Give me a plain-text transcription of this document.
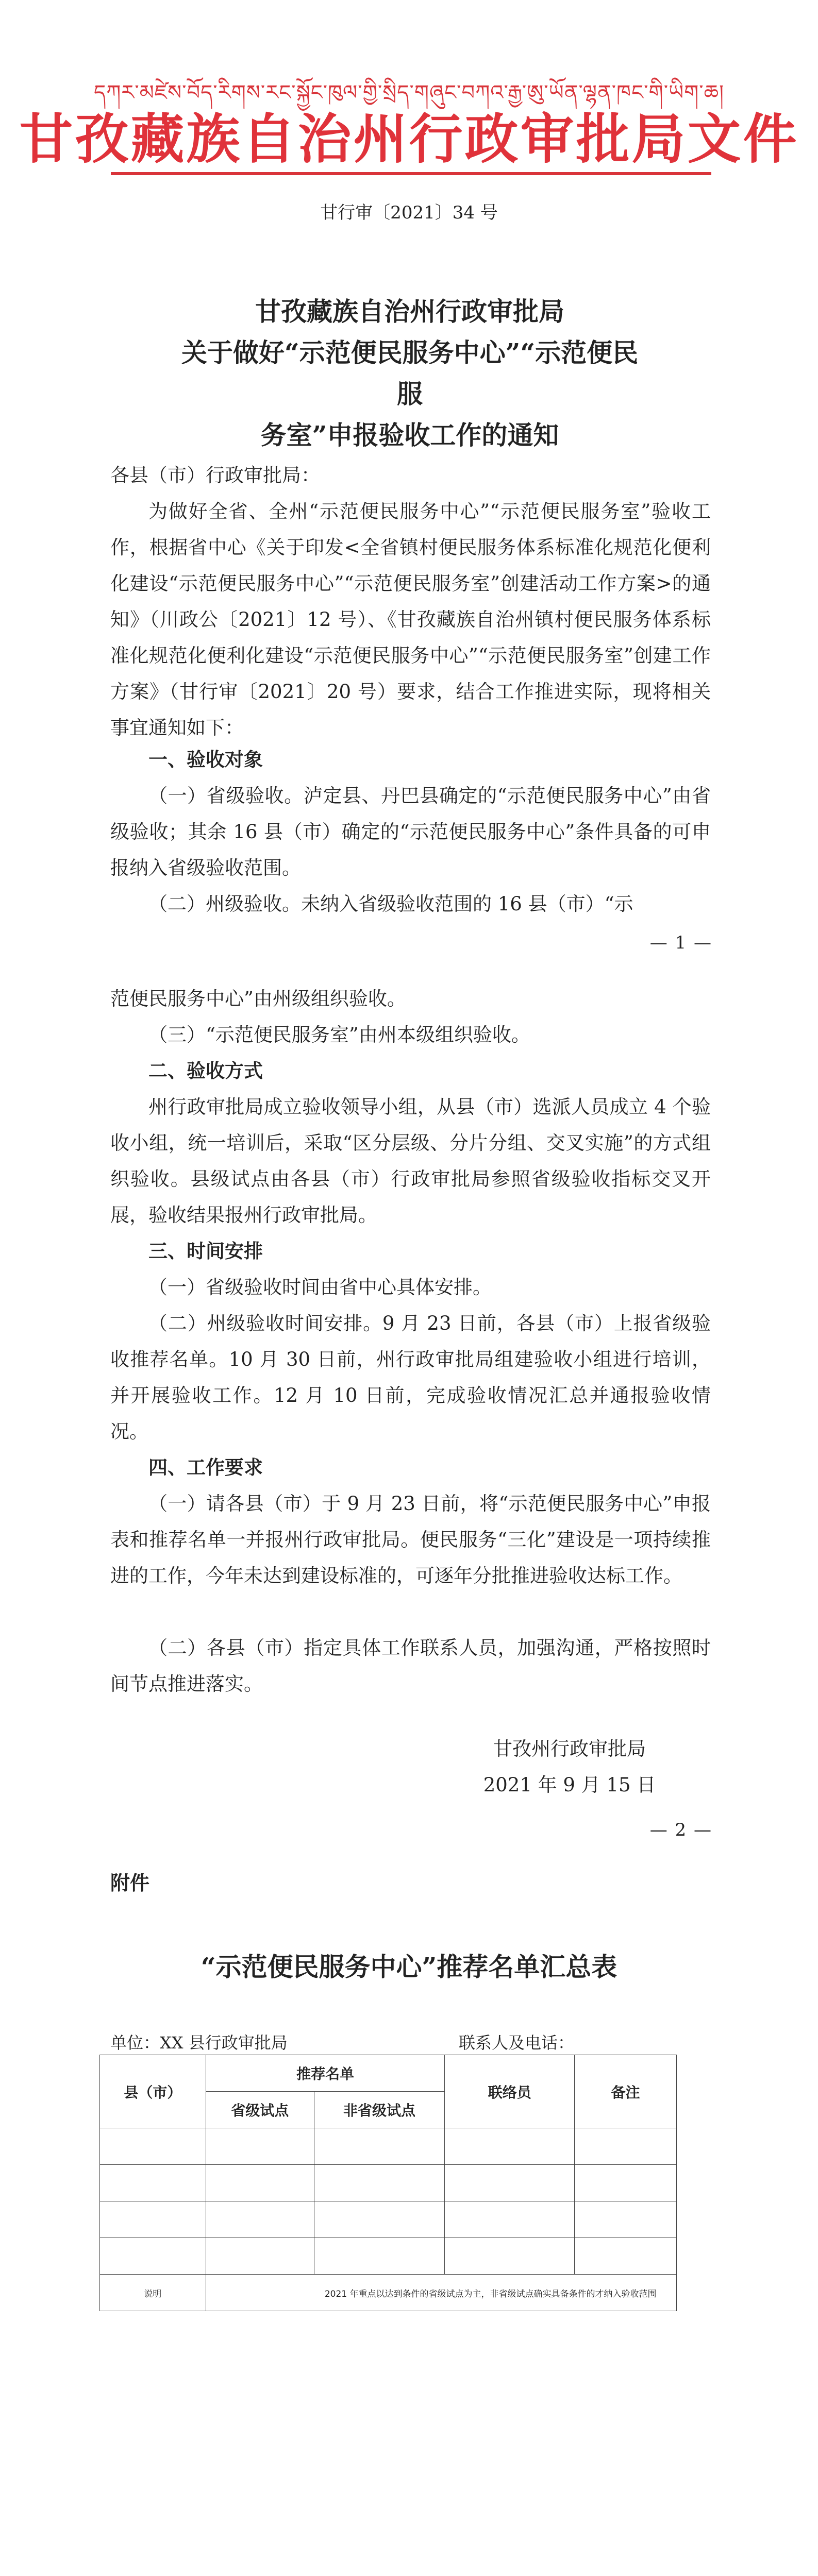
དཀར་མཛེས་བོད་རིགས་རང་སྐྱོང་ཁུལ་གྱི་སྲིད་གཞུང་བཀའ་རྒྱ་ཨུ་ཡོན་ལྷན་ཁང་གི་ཡིག་ཆ།
甘孜藏族自治州行政审批局文件
甘行审〔2021〕34 号
甘孜藏族自治州行政审批局
关于做好“示范便民服务中心”“示范便民服
务室”申报验收工作的通知
各县（市）行政审批局：
为做好全省、全州“示范便民服务中心”“示范便民服务室”验收工作，根据省中心《关于印发<全省镇村便民服务体系标准化规范化便利化建设“示范便民服务中心”“示范便民服务室”创建活动工作方案>的通知》（川政公〔2021〕12 号）、《甘孜藏族自治州镇村便民服务体系标准化规范化便利化建设“示范便民服务中心”“示范便民服务室”创建工作方案》（甘行审〔2021〕20 号）要求，结合工作推进实际，现将相关事宜通知如下：
一、验收对象
（一）省级验收。泸定县、丹巴县确定的“示范便民服务中心”由省级验收；其余 16 县（市）确定的“示范便民服务中心”条件具备的可申报纳入省级验收范围。
（二）州级验收。未纳入省级验收范围的 16 县（市）“示
— 1 —
范便民服务中心”由州级组织验收。
（三）“示范便民服务室”由州本级组织验收。
二、验收方式
州行政审批局成立验收领导小组，从县（市）选派人员成立 4 个验收小组，统一培训后，采取“区分层级、分片分组、交叉实施”的方式组织验收。县级试点由各县（市）行政审批局参照省级验收指标交叉开展，验收结果报州行政审批局。
三、时间安排
（一）省级验收时间由省中心具体安排。
（二）州级验收时间安排。9 月 23 日前，各县（市）上报省级验收推荐名单。10 月 30 日前，州行政审批局组建验收小组进行培训，并开展验收工作。12 月 10 日前，完成验收情况汇总并通报验收情况。
四、工作要求
（一）请各县（市）于 9 月 23 日前，将“示范便民服务中心”申报表和推荐名单一并报州行政审批局。便民服务“三化”建设是一项持续推进的工作，今年未达到建设标准的，可逐年分批推进验收达标工作。
（二）各县（市）指定具体工作联系人员，加强沟通，严格按照时间节点推进落实。
甘孜州行政审批局
2021 年 9 月 15 日
— 2 —
附件
“示范便民服务中心”推荐名单汇总表
单位：XX 县行政审批局	联系人及电话：
县（市）	推荐名单		联络员	备注
	省级试点	非省级试点		

说明	2021 年重点以达到条件的省级试点为主，非省级试点确实具备条件的才纳入验收范围			
